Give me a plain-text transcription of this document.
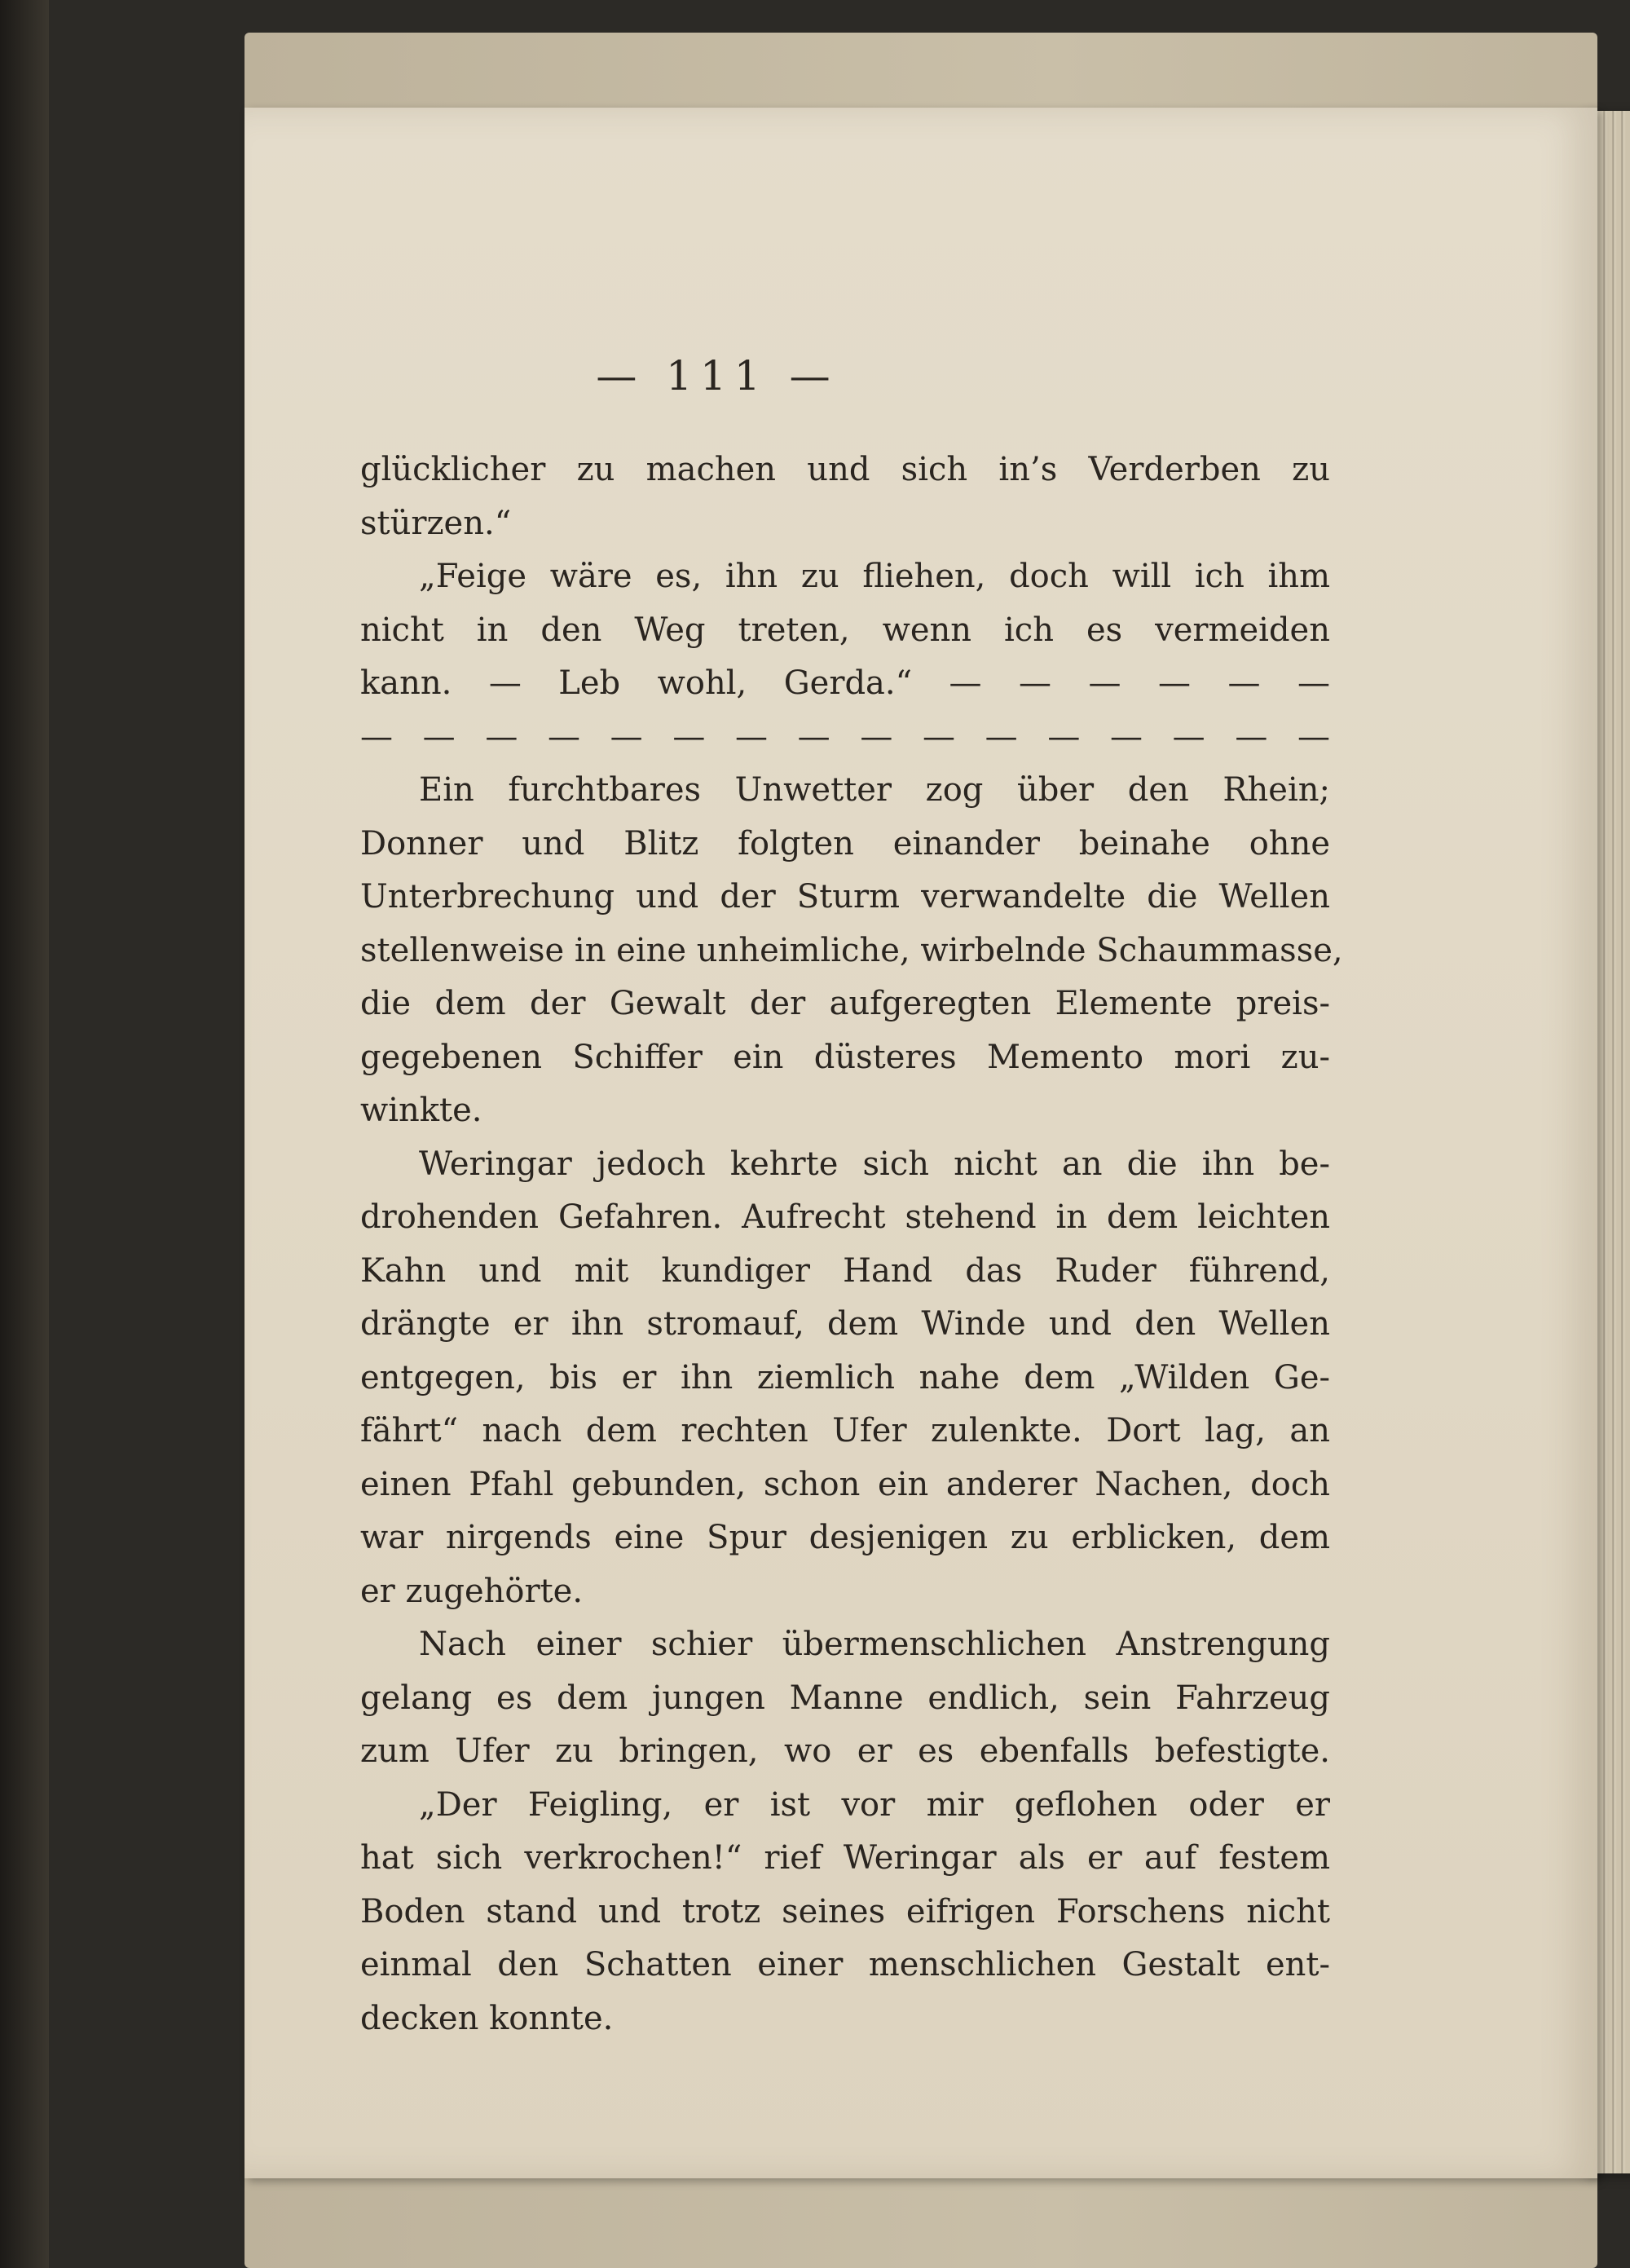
— 111 —
glücklicher zu machen und sich in’s Verderben zu
stürzen.“
„Feige wäre es, ihn zu fliehen, doch will ich ihm
nicht in den Weg treten, wenn ich es vermeiden
kann. — Leb wohl, Gerda.“ — — — — — —
— — — — — — — — — — — — — — — —
Ein furchtbares Unwetter zog über den Rhein;
Donner und Blitz folgten einander beinahe ohne
Unterbrechung und der Sturm verwandelte die Wellen
stellenweise in eine unheimliche, wirbelnde Schaummasse,
die dem der Gewalt der aufgeregten Elemente preis-
gegebenen Schiffer ein düsteres Memento mori zu-
winkte.
Weringar jedoch kehrte sich nicht an die ihn be-
drohenden Gefahren. Aufrecht stehend in dem leichten
Kahn und mit kundiger Hand das Ruder führend,
drängte er ihn stromauf, dem Winde und den Wellen
entgegen, bis er ihn ziemlich nahe dem „Wilden Ge-
fährt“ nach dem rechten Ufer zulenkte. Dort lag, an
einen Pfahl gebunden, schon ein anderer Nachen, doch
war nirgends eine Spur desjenigen zu erblicken, dem
er zugehörte.
Nach einer schier übermenschlichen Anstrengung
gelang es dem jungen Manne endlich, sein Fahrzeug
zum Ufer zu bringen, wo er es ebenfalls befestigte.
„Der Feigling, er ist vor mir geflohen oder er
hat sich verkrochen!“ rief Weringar als er auf festem
Boden stand und trotz seines eifrigen Forschens nicht
einmal den Schatten einer menschlichen Gestalt ent-
decken konnte.
